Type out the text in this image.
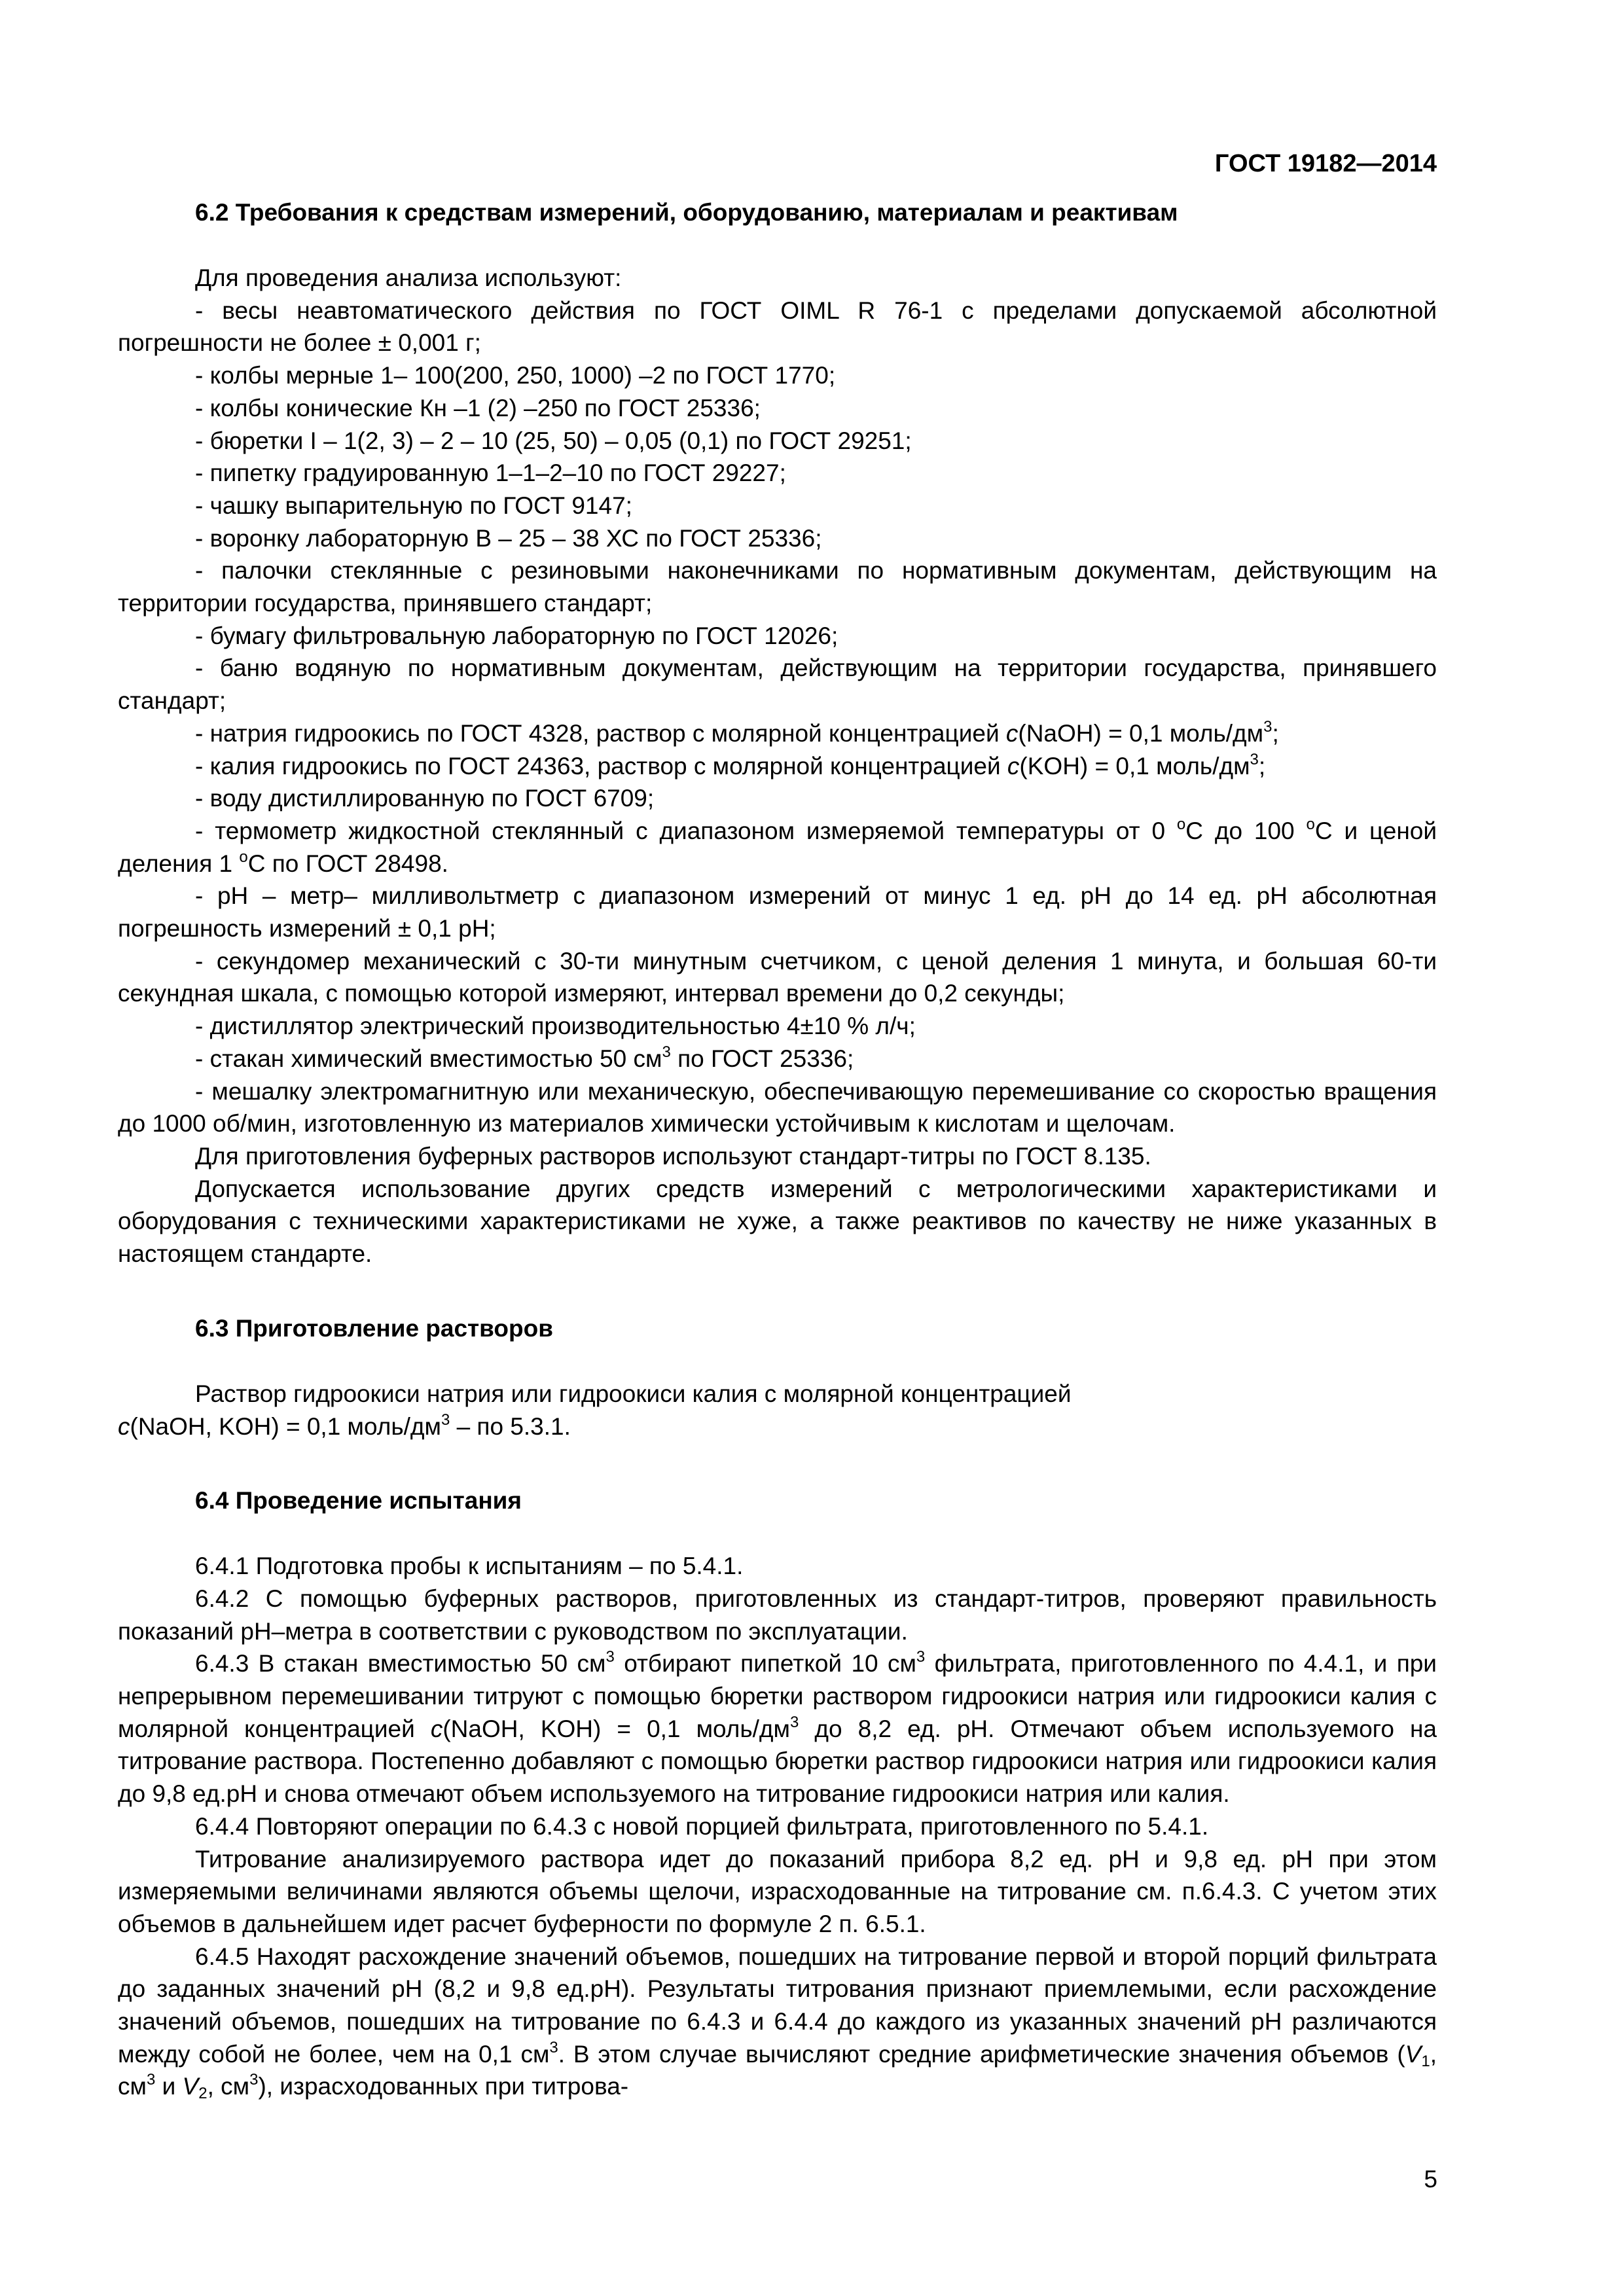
ГОСТ 19182—2014
6.2 Требования к средствам измерений, оборудованию, материалам и реактивам

Для проведения анализа используют:

- весы неавтоматического действия по ГОСТ OIML R 76-1 с пределами допускаемой абсолютной погрешности не более ± 0,001 г;

- колбы мерные 1– 100(200, 250, 1000) –2 по ГОСТ 1770;

- колбы конические Кн –1 (2) –250 по ГОСТ 25336;

- бюретки I – 1(2, 3) – 2 – 10 (25, 50) – 0,05 (0,1) по ГОСТ 29251;

- пипетку градуированную 1–1–2–10 по ГОСТ 29227;

- чашку выпарительную по ГОСТ 9147;

- воронку лабораторную В – 25 – 38 ХС по ГОСТ 25336;

- палочки стеклянные с резиновыми наконечниками по нормативным документам, действующим на территории государства, принявшего стандарт;

- бумагу фильтровальную лабораторную по ГОСТ 12026;

- баню водяную по нормативным документам, действующим на территории государства, принявшего стандарт;

- натрия гидроокись по ГОСТ 4328, раствор с молярной концентрацией c(NaOH) = 0,1 моль/$дм^3$;

- калия гидроокись по ГОСТ 24363, раствор с молярной концентрацией c(KOH) = 0,1 моль/$дм^3$;

- воду дистиллированную по ГОСТ 6709;

- термометр жидкостной стеклянный с диапазоном измеряемой температуры от 0 $^о$С до 100 $^о$С и ценой деления 1 $^о$С по ГОСТ 28498.

- рН – метр– милливольтметр с диапазоном измерений от минус 1 ед. рН до 14 ед. рН абсолютная погрешность измерений ± 0,1 рН;

- секундомер механический с 30-ти минутным счетчиком, с ценой деления 1 минута, и большая 60-ти секундная шкала, с помощью которой измеряют, интервал времени до 0,2 секунды;

- дистиллятор электрический производительностью 4±10 % л/ч;

- стакан химический вместимостью 50 $см^3$ по ГОСТ 25336;

- мешалку электромагнитную или механическую, обеспечивающую перемешивание со скоростью вращения до 1000 об/мин, изготовленную из материалов химически устойчивым к кислотам и щелочам.

Для приготовления буферных растворов используют стандарт-титры по ГОСТ 8.135.

Допускается использование других средств измерений с метрологическими характеристиками и оборудования с техническими характеристиками не хуже, а также реактивов по качеству не ниже указанных в настоящем стандарте.

6.3 Приготовление растворов

Раствор гидроокиси натрия или гидроокиси калия с молярной концентрацией

c(NaOH, KOH) = 0,1 моль/$дм^3$ – по 5.3.1.

6.4 Проведение испытания

6.4.1 Подготовка пробы к испытаниям – по 5.4.1.

6.4.2 С помощью буферных растворов, приготовленных из стандарт-титров, проверяют правильность показаний рН–метра в соответствии с руководством по эксплуатации.

6.4.3 В стакан вместимостью 50 $см^3$ отбирают пипеткой 10 $см^3$ фильтрата, приготовленного по 4.4.1, и при непрерывном перемешивании титруют с помощью бюретки раствором гидроокиси натрия или гидроокиси калия с молярной концентрацией c(NaOH, KOH) = 0,1 моль/$дм^3$ до 8,2 ед. рН. Отмечают объем используемого на титрование раствора. Постепенно добавляют с помощью бюретки раствор гидроокиси натрия или гидроокиси калия до 9,8 ед.рН и снова отмечают объем используемого на титрование гидроокиси натрия или калия.

6.4.4 Повторяют операции по 6.4.3 с новой порцией фильтрата, приготовленного по 5.4.1.

Титрование анализируемого раствора идет до показаний прибора 8,2 ед. рН и 9,8 ед. рН при этом измеряемыми величинами являются объемы щелочи, израсходованные на титрование см. п.6.4.3. С учетом этих объемов в дальнейшем идет расчет буферности по формуле 2 п. 6.5.1.

6.4.5 Находят расхождение значений объемов, пошедших на титрование первой и второй порций фильтрата до заданных значений рН (8,2 и 9,8 ед.рН). Результаты титрования признают приемлемыми, если расхождение значений объемов, пошедших на титрование по 6.4.3 и 6.4.4 до каждого из указанных значений рН различаются между собой не более, чем на 0,1 $см^3$. В этом случае вычисляют средние арифметические значения объемов ($V_1$, $см^3$ и $V_2$, $см^3$), израсходованных при титрова-

5
